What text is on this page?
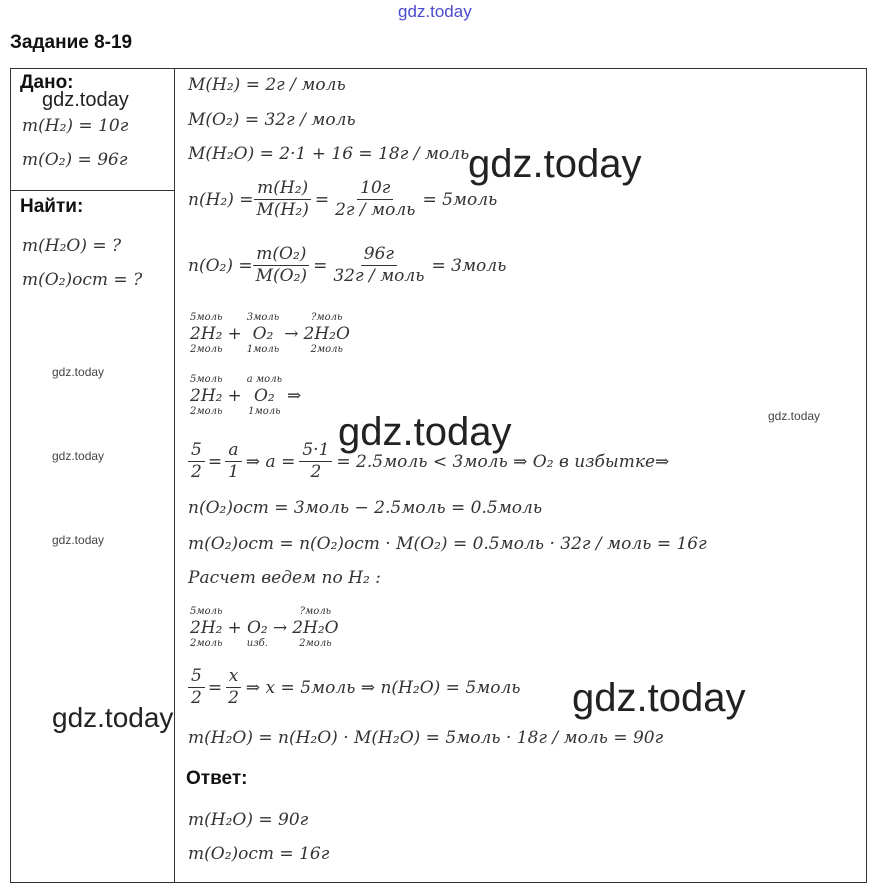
gdz.today
Задание 8-19
Дано:
m(H₂) = 10г
m(O₂) = 96г
Найти:
m(H₂O) = ?
m(O₂)ост = ?
M(H₂) = 2г / моль
M(O₂) = 32г / моль
M(H₂O) = 2·1 + 16 = 18г / моль
$n(H_2) = \frac{\text{m(H₂)}}{\text{M(H₂)}} = \frac{10г}{\text{2г / моль}}$ = 5моль
$n(O_2) = \frac{\text{m(O₂)}}{\text{M(O₂)}} = \frac{96г}{\text{32г / моль}}$ = 3моль
5моль
2H₂
2моль
+
3моль
O₂
1моль
→
?моль
2H₂O
2моль
5моль
2H₂
2моль
+
a моль
O₂
1моль
⇒
$\frac{5}{2} = \frac{a}{1}$ ⇒ $a = \frac{5\cdot 1}{2}$ = 2.5моль < 3моль ⇒ O₂ в избытке⇒
n(O₂)ост = 3моль − 2.5моль = 0.5моль
m(O₂)ост = n(O₂)ост · M(O₂) = 0.5моль · 32г / моль = 16г
Расчет ведем по H₂ :
5моль
2H₂
2моль
+
O₂
изб.
→
?моль
2H₂O
2моль
$\frac{5}{2} = \frac{x}{2}$ ⇒ x = 5моль ⇒ n(H₂O) = 5моль
m(H₂O) = n(H₂O) · M(H₂O) = 5моль · 18г / моль = 90г
Ответ:
m(H₂O) = 90г
m(O₂)ост = 16г
gdz.today
gdz.today
gdz.today
gdz.today
gdz.today
gdz.today
gdz.today
gdz.today
gdz.today
